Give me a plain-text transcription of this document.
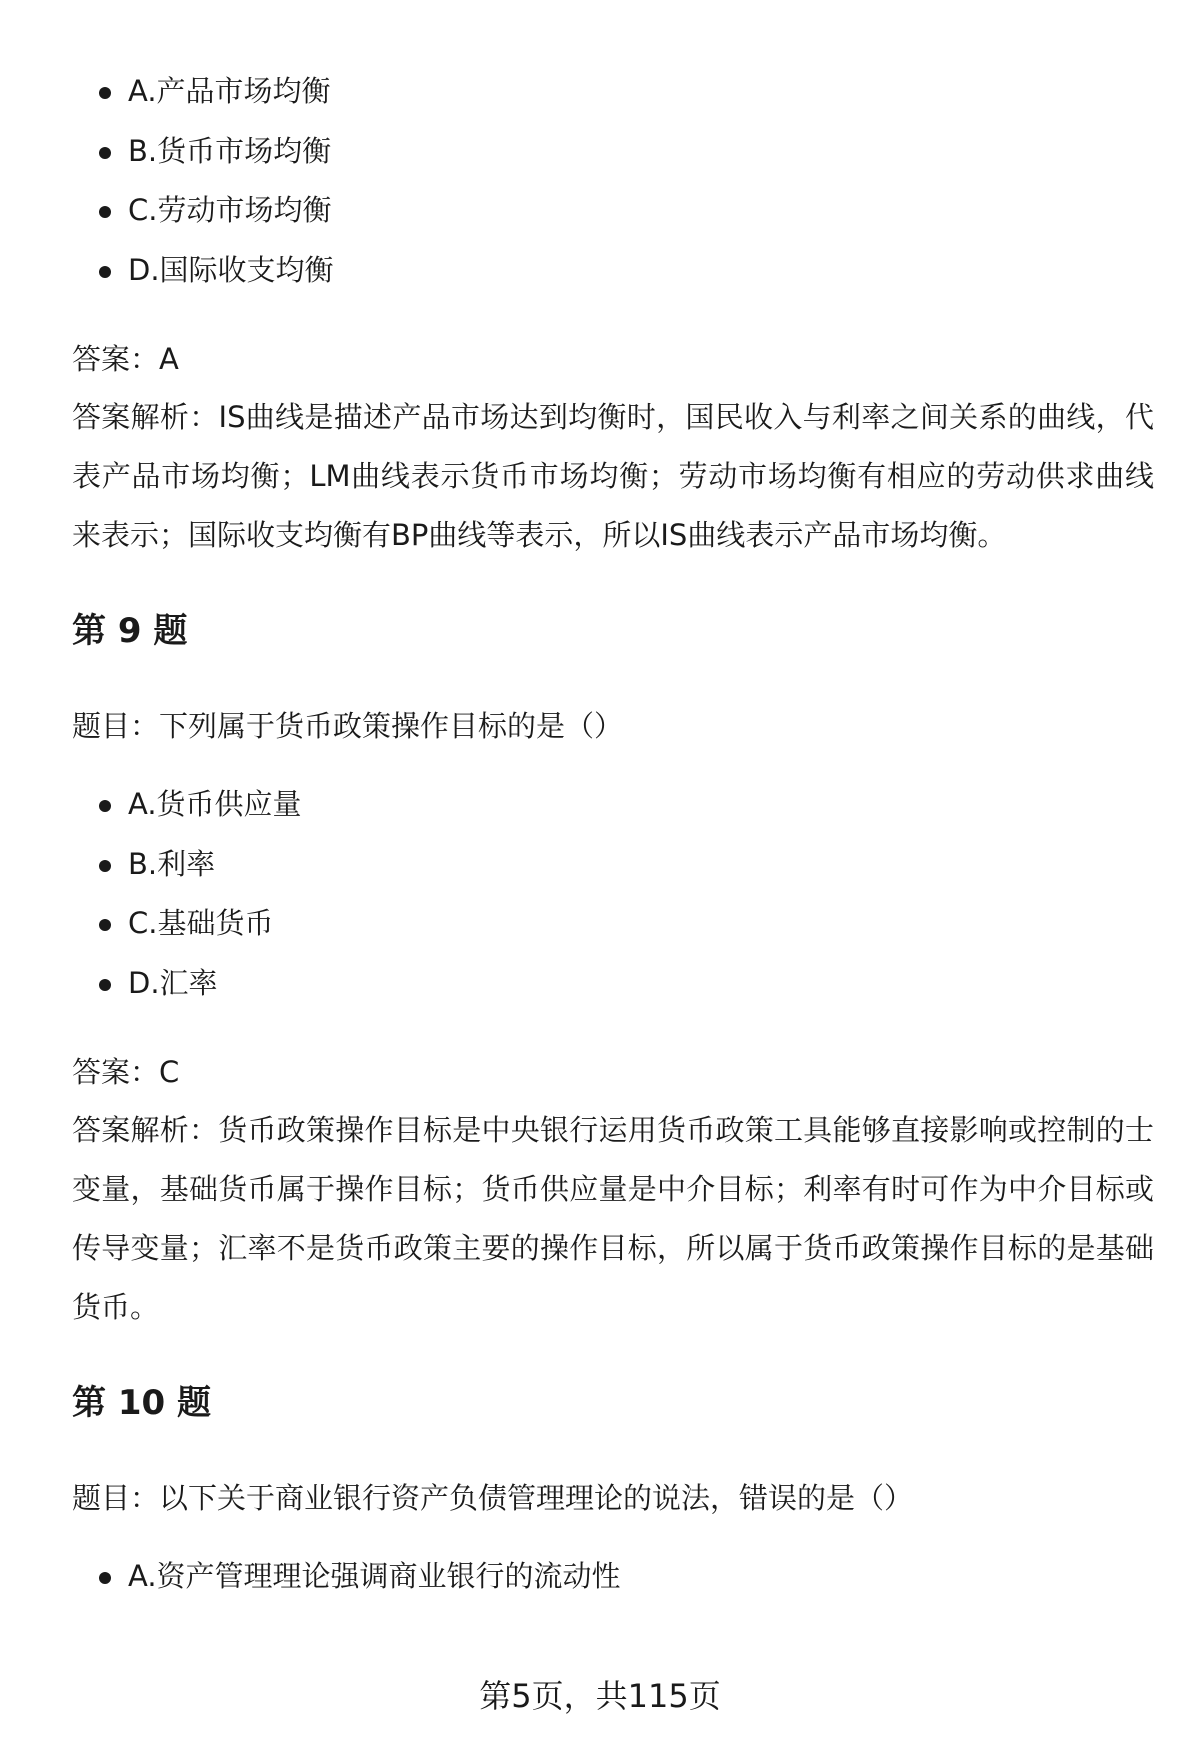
A.产品市场均衡
B.货币市场均衡
C.劳动市场均衡
D.国际收支均衡
答案：A

答案解析：IS曲线是描述产品市场达到均衡时，国民收入与利率之间关系的曲线，代表产品市场均衡；LM曲线表示货币市场均衡；劳动市场均衡有相应的劳动供求曲线来表示；国际收支均衡有BP曲线等表示，所以IS曲线表示产品市场均衡。

第 9 题
题目：下列属于货币政策操作目标的是（）
A.货币供应量
B.利率
C.基础货币
D.汇率
答案：C

答案解析：货币政策操作目标是中央银行运用货币政策工具能够直接影响或控制的士变量，基础货币属于操作目标；货币供应量是中介目标；利率有时可作为中介目标或传导变量；汇率不是货币政策主要的操作目标，所以属于货币政策操作目标的是基础货币。

第 10 题
题目：以下关于商业银行资产负债管理理论的说法，错误的是（）
A.资产管理理论强调商业银行的流动性
第5页，共115页
